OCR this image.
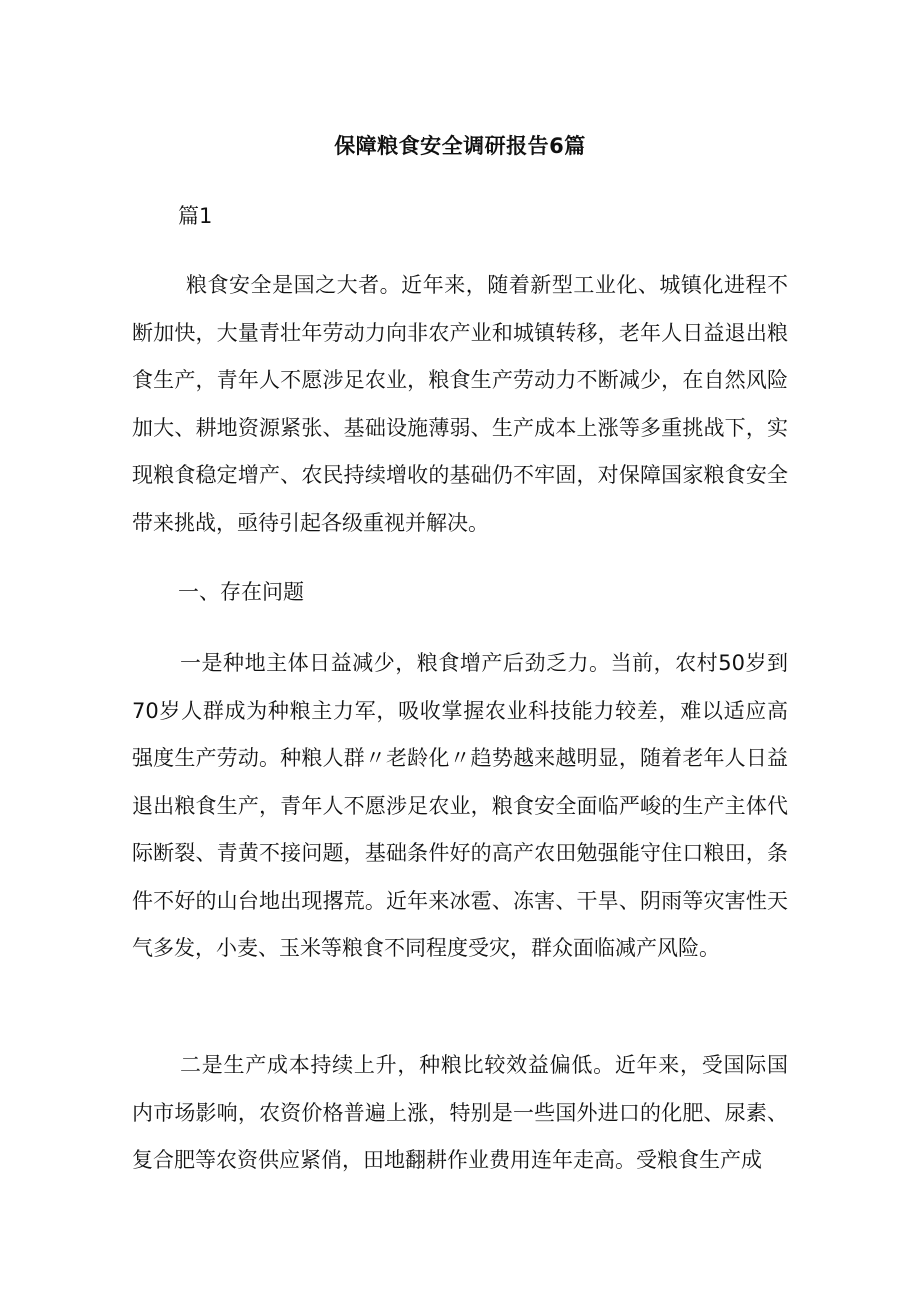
保障粮食安全调研报告6篇
篇1

粮食安全是国之大者。近年来，随着新型工业化、城镇化进程不断加快，大量青壮年劳动力向非农产业和城镇转移，老年人日益退出粮食生产，青年人不愿涉足农业，粮食生产劳动力不断减少，在自然风险加大、耕地资源紧张、基础设施薄弱、生产成本上涨等多重挑战下，实现粮食稳定增产、农民持续增收的基础仍不牢固，对保障国家粮食安全带来挑战，亟待引起各级重视并解决。

一、存在问题

一是种地主体日益减少，粮食增产后劲乏力。当前，农村50岁到70岁人群成为种粮主力军，吸收掌握农业科技能力较差，难以适应高强度生产劳动。种粮人群〃老龄化〃趋势越来越明显，随着老年人日益退出粮食生产，青年人不愿涉足农业，粮食安全面临严峻的生产主体代际断裂、青黄不接问题，基础条件好的高产农田勉强能守住口粮田，条件不好的山台地出现撂荒。近年来冰雹、冻害、干旱、阴雨等灾害性天气多发，小麦、玉米等粮食不同程度受灾，群众面临减产风险。

二是生产成本持续上升，种粮比较效益偏低。近年来，受国际国内市场影响，农资价格普遍上涨，特别是一些国外进口的化肥、尿素、复合肥等农资供应紧俏，田地翻耕作业费用连年走高。受粮食生产成
